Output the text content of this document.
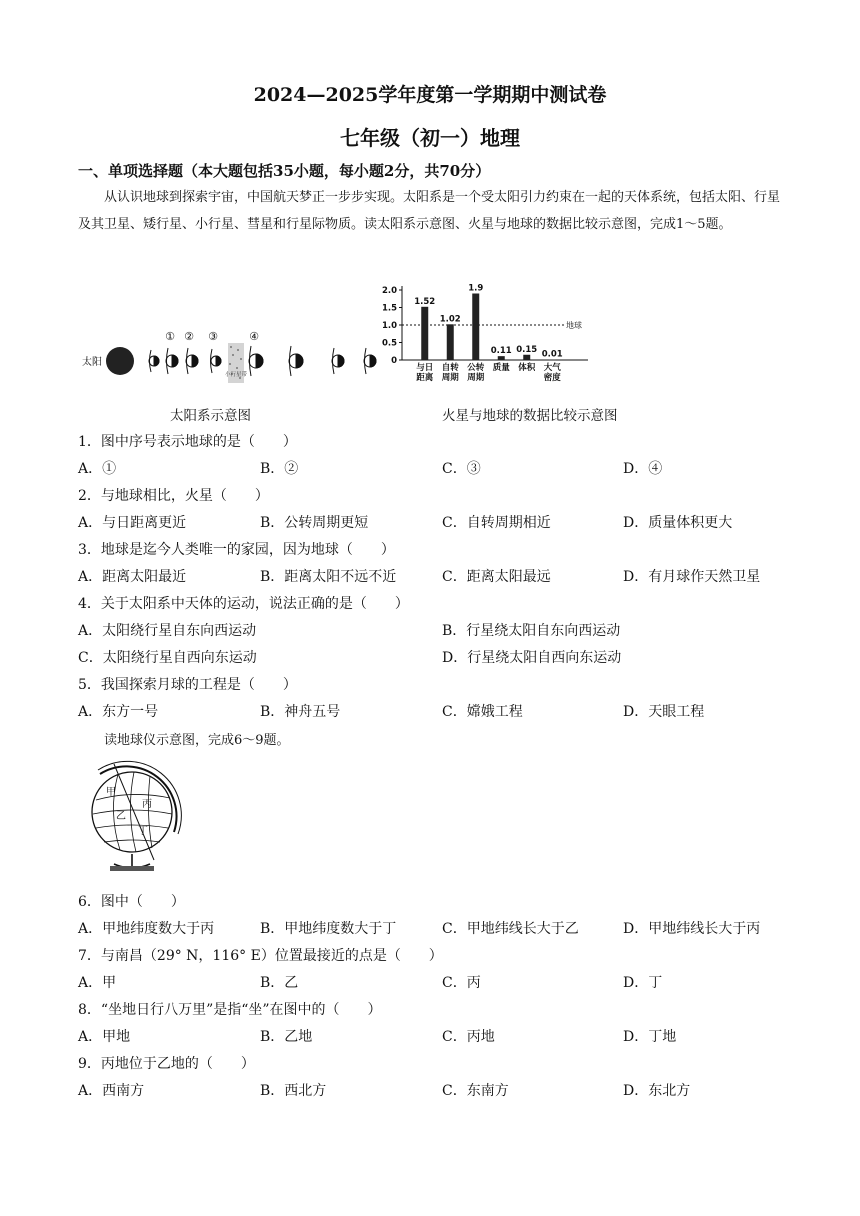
2024—2025学年度第一学期期中测试卷
七年级（初一）地理
一、单项选择题（本大题包括35小题，每小题2分，共70分）
从认识地球到探索宇宙，中国航天梦正一步步实现。太阳系是一个受太阳引力约束在一起的天体系统，包括太阳、行星及其卫星、矮行星、小行星、彗星和行星际物质。读太阳系示意图、火星与地球的数据比较示意图，完成1～5题。
太阳
小行星带
① ② ③	④
0
0.5
1.0
1.5
2.0
地球
1.52
与日
距离
1.02
自转
周期
1.9
公转
周期
0.11
质量
0.15
体积
0.01
大气
密度
太阳系示意图	火星与地球的数据比较示意图
1．图中序号表示地球的是（　　）
A．①	B．②	C．③	D．④
2．与地球相比，火星（　　）
A．与日距离更近	B．公转周期更短	C．自转周期相近	D．质量体积更大
3．地球是迄今人类唯一的家园，因为地球（　　）
A．距离太阳最近	B．距离太阳不远不近	C．距离太阳最远	D．有月球作天然卫星
4．关于太阳系中天体的运动，说法正确的是（　　）
A．太阳绕行星自东向西运动	B．行星绕太阳自东向西运动
C．太阳绕行星自西向东运动	D．行星绕太阳自西向东运动
5．我国探索月球的工程是（　　）
A．东方一号	B．神舟五号	C．嫦娥工程	D．天眼工程
读地球仪示意图，完成6～9题。
甲
乙
丙
丁
6．图中（　　）
A．甲地纬度数大于丙	B．甲地纬度数大于丁	C．甲地纬线长大于乙	D．甲地纬线长大于丙
7．与南昌（29° N，116° E）位置最接近的点是（　　）
A．甲	B．乙	C．丙	D．丁
8．“坐地日行八万里”是指“坐”在图中的（　　）
A．甲地	B．乙地	C．丙地	D．丁地
9．丙地位于乙地的（　　）
A．西南方	B．西北方	C．东南方	D．东北方
